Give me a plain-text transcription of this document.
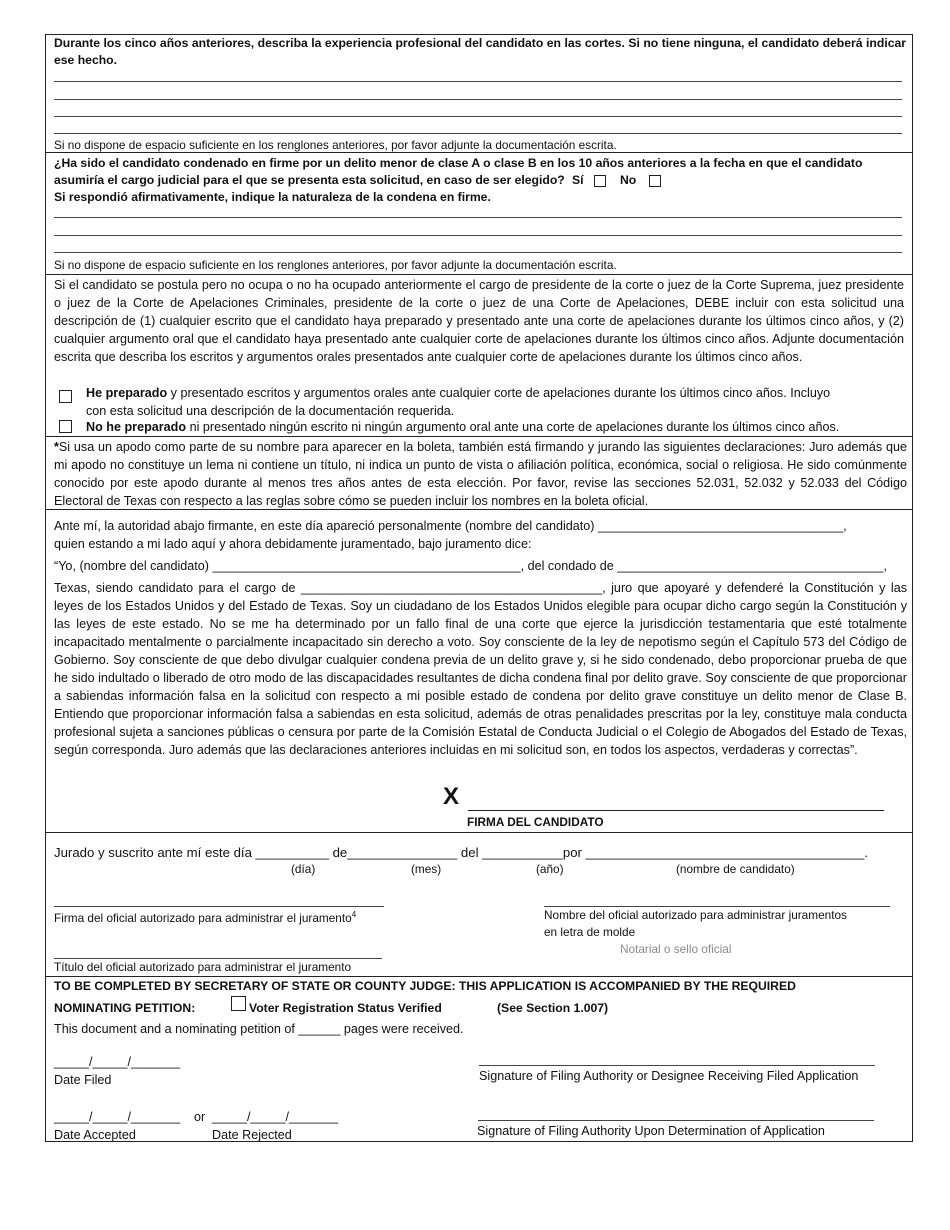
Durante los cinco años anteriores, describa la experiencia profesional del candidato en las cortes. Si no tiene ninguna, el candidato deberá indicar ese hecho.
Si no dispone de espacio suficiente en los renglones anteriores, por favor adjunte la documentación escrita.
¿Ha sido el candidato condenado en firme por un delito menor de clase A o clase B en los 10 años anteriores a la fecha en que el candidato
asumiría el cargo judicial para el que se presenta esta solicitud, en caso de ser elegido? Sí	No
Si respondió afirmativamente, indique la naturaleza de la condena en firme.
Si no dispone de espacio suficiente en los renglones anteriores, por favor adjunte la documentación escrita.
Si el candidato se postula pero no ocupa o no ha ocupado anteriormente el cargo de presidente de la corte o juez de la Corte Suprema, juez presidente o juez de la Corte de Apelaciones Criminales, presidente de la corte o juez de una Corte de Apelaciones, DEBE incluir con esta solicitud una descripción de (1) cualquier escrito que el candidato haya preparado y presentado ante una corte de apelaciones durante los últimos cinco años, y (2) cualquier argumento oral que el candidato haya presentado ante cualquier corte de apelaciones durante los últimos cinco años. Adjunte documentación escrita que describa los escritos y argumentos orales presentados ante cualquier corte de apelaciones durante los últimos cinco años.
He preparado y presentado escritos y argumentos orales ante cualquier corte de apelaciones durante los últimos cinco años. Incluyo
con esta solicitud una descripción de la documentación requerida.
No he preparado ni presentado ningún escrito ni ningún argumento oral ante una corte de apelaciones durante los últimos cinco años.
*Si usa un apodo como parte de su nombre para aparecer en la boleta, también está firmando y jurando las siguientes declaraciones: Juro además que mi apodo no constituye un lema ni contiene un título, ni indica un punto de vista o afiliación política, económica, social o religiosa. He sido comúnmente conocido por este apodo durante al menos tres años antes de esta elección. Por favor, revise las secciones 52.031, 52.032 y 52.033 del Código Electoral de Texas con respecto a las reglas sobre cómo se pueden incluir los nombres en la boleta oficial.
Ante mí, la autoridad abajo firmante, en este día apareció personalmente (nombre del candidato) ___________________________________,
quien estando a mi lado aquí y ahora debidamente juramentado, bajo juramento dice:
“Yo, (nombre del candidato) ____________________________________________, del condado de ______________________________________,
Texas, siendo candidato para el cargo de ___________________________________________, juro que apoyaré y defenderé la Constitución y las leyes de los Estados Unidos y del Estado de Texas. Soy un ciudadano de los Estados Unidos elegible para ocupar dicho cargo según la Constitución y las leyes de este estado. No se me ha determinado por un fallo final de una corte que ejerce la jurisdicción testamentaria que esté totalmente incapacitado mentalmente o parcialmente incapacitado sin derecho a voto. Soy consciente de la ley de nepotismo según el Capítulo 573 del Código de Gobierno. Soy consciente de que debo divulgar cualquier condena previa de un delito grave y, si he sido condenado, debo proporcionar prueba de que he sido indultado o liberado de otro modo de las discapacidades resultantes de dicha condena final por delito grave. Soy consciente de que proporcionar a sabiendas información falsa en la solicitud con respecto a mi posible estado de condena por delito grave constituye un delito menor de Clase B. Entiendo que proporcionar información falsa a sabiendas en esta solicitud, además de otras penalidades prescritas por la ley, constituye mala conducta profesional sujeta a sanciones públicas o censura por parte de la Comisión Estatal de Conducta Judicial o el Colegio de Abogados del Estado de Texas, según corresponda. Juro además que las declaraciones anteriores incluidas en mi solicitud son, en todos los aspectos, verdaderas y correctas”.
X
FIRMA DEL CANDIDATO
Jurado y suscrito ante mí este día __________ de_______________ del ___________por ______________________________________.
(día)	(mes)	(año)	(nombre de candidato)
Firma del oficial autorizado para administrar el juramento$^4$	Nombre del oficial autorizado para administrar juramentos
en letra de molde
Notarial o sello oficial
Título del oficial autorizado para administrar el juramento
TO BE COMPLETED BY SECRETARY OF STATE OR COUNTY JUDGE: THIS APPLICATION IS ACCOMPANIED BY THE REQUIRED
NOMINATING PETITION:	Voter Registration Status Verified	(See Section 1.007)
This document and a nominating petition of ______ pages were received.
_____/_____/_______
Date Filed	Signature of Filing Authority or Designee Receiving Filed Application
_____/_____/_______ or _____/_____/_______
Date Accepted	Date Rejected	Signature of Filing Authority Upon Determination of Application
